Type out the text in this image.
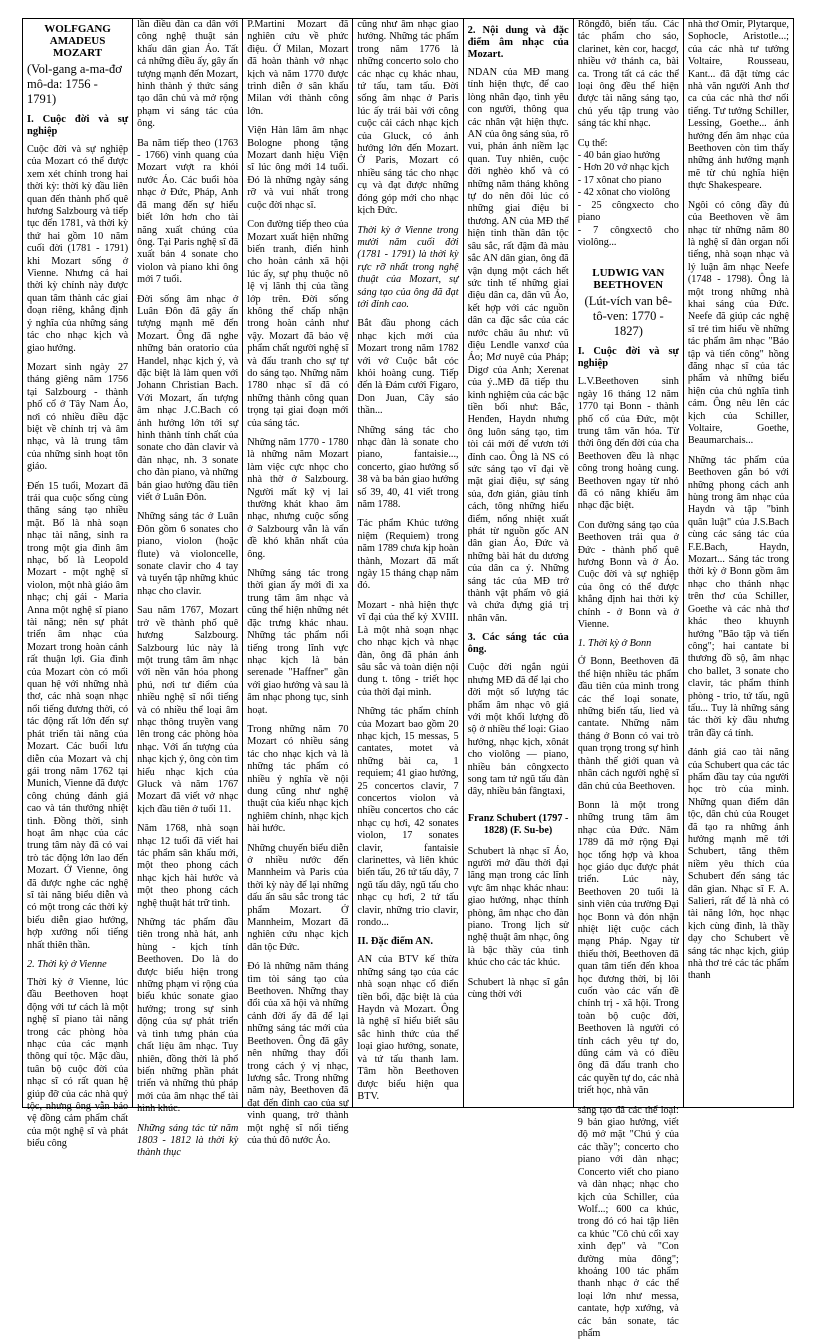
WOLFGANG AMADEUS MOZART
(Vol-gang a-ma-đơ mô-da: 1756 - 1791)
I. Cuộc đời và sự nghiệp

Cuộc đời và sự nghiệp của Mozart có thể được xem xét chính trong hai thời kỳ: thời kỳ đầu liên quan đến thành phố quê hương Salzbourg và tiếp tục đến 1781, và thời kỳ thứ hai gồm 10 năm cuối đời (1781 - 1791) khi Mozart sống ở Vienne. Nhưng cả hai thời kỳ chính này được quan tâm thành các giai đoạn riêng, khẳng định ý nghĩa của những sáng tác cho nhạc kịch và giao hưởng.

Mozart sinh ngày 27 tháng giêng năm 1756 tại Salzbourg - thành phố cổ ở Tây Nam Áo, nơi có nhiều điều đặc biệt về chính trị và âm nhạc, và là trung tâm của những sinh hoạt tôn giáo.

Đến 15 tuổi, Mozart đã trải qua cuộc sống cùng thăng sáng tạo nhiều mặt. Bố là nhà soạn nhạc tài năng, sinh ra trong một gia đình âm nhạc, bố là Leopold Mozart - một nghệ sĩ violon, một nhà giáo âm nhạc; chị gái - Maria Anna một nghệ sĩ piano tài năng; nên sự phát triển âm nhạc của Mozart trong hoàn cảnh rất thuận lợi. Gia đình của Mozart còn có mối quan hệ với những nhà thơ, các nhà soạn nhạc nổi tiếng đương thời, có tác động rất lớn đến sự phát triển tài năng của Mozart. Các buổi lưu diễn của Mozart và chị gái trong năm 1762 tại Munich, Vienne đã được công chúng đánh giá cao và tán thưởng nhiệt tình. Đồng thời, sinh hoạt âm nhạc của các trung tâm này đã có vai trò tác động lớn lao đến Mozart. Ở Vienne, ông đã được nghe các nghệ sĩ tài năng biểu diễn và có một trong các thời kỳ biểu diễn giao hưởng, hợp xướng nổi tiếng nhất thiên thần.

2. Thời kỳ ở Vienne

Thời kỳ ở Vienne, lúc đầu Beethoven hoạt động với tư cách là một nghệ sĩ piano tài năng trong các phòng hòa nhạc của các mạnh thông quí tộc. Mặc dầu, tuân bộ cuộc đời của nhạc sĩ có rất quan hệ giúp đỡ của các nhà quý tộc, nhưng ông vẫn bảo vệ đồng cảm phẩm chất của một nghệ sĩ và phát biểu công

lần điều đàn ca dân với công nghệ thuật sản khấu dân gian Áo. Tất cả những điều ấy, gây ấn tượng mạnh đến Mozart, hình thành ý thức sáng tạo dân chủ và mở rộng phạm vi sáng tác của ông.

Ba năm tiếp theo (1763 - 1766) vinh quang của Mozart vượt ra khỏi nước Áo. Các buổi hòa nhạc ở Đức, Pháp, Anh đã mang đến sự hiểu biết lớn hơn cho tài năng xuất chúng của ông. Tại Paris nghệ sĩ đã xuất bản 4 sonate cho violon và piano khi ông mới 7 tuổi.

Đời sống âm nhạc ở Luân Đôn đã gây ấn tượng mạnh mẽ đến Mozart. Ông đã nghe những bản oratorio của Handel, nhạc kịch ý, và đặc biệt là làm quen với Johann Christian Bach. Với Mozart, ấn tượng âm nhạc J.C.Bach có ảnh hưởng lớn tới sự hình thành tính chất của sonate cho đàn clavir và đàn nhạc, nh. 3 sonate cho đàn piano, và những bản giao hưởng đầu tiên viết ở Luân Đôn.

Những sáng tác ở Luân Đôn gồm 6 sonates cho piano, violon (hoặc flute) và violoncelle, sonate clavir cho 4 tay và tuyển tập những khúc nhạc cho clavir.

Sau năm 1767, Mozart trở về thành phố quê hương Salzbourg. Salzbourg lúc này là một trung tâm âm nhạc với nền văn hóa phong phú, nơi tư điểm của nhiều nghệ sĩ nổi tiếng và có nhiều thể loại âm nhạc thông truyền vang lên trong các phòng hòa nhạc. Với ấn tượng của nhạc kịch ý, ông còn tìm hiểu nhạc kịch của Gluck và năm 1767 Mozart đã viết vở nhạc kịch đầu tiên ở tuổi 11.

Năm 1768, nhà soạn nhạc 12 tuổi đã viết hai tác phẩm sân khấu mới, một theo phong cách nhạc kịch hài hước và một theo phong cách nghệ thuật hát trữ tình.

Những tác phẩm đầu tiên trong nhà hát, anh hùng - kịch tính Beethoven. Do là do được biểu hiện trong những phạm vi rộng của biểu khúc sonate giao hưởng; trong sự sinh động của sự phát triển và tình tưng phản của chất liệu âm nhạc. Tuy nhiên, đồng thời là phổ biến những phần phát triển và những thủ pháp mới của âm nhạc thể tài hình khúc.

Những sáng tác từ năm 1803 - 1812 là thời kỳ thành thục

P.Martini Mozart đã nghiên cứu về phức điệu. Ở Milan, Mozart đã hoàn thành vở nhạc kịch và năm 1770 được trình diễn ở sân khấu Milan với thành công lớn.

Viện Hàn lâm âm nhạc Bologne phong tặng Mozart danh hiệu Viện sĩ lúc ông mới 14 tuổi. Đó là những ngày sáng rỡ và vui nhất trong cuộc đời nhạc sĩ.

Con đường tiếp theo của Mozart xuất hiện những biến tranh, điển hình cho hoàn cảnh xã hội lúc ấy, sự phụ thuộc nô lệ vị lãnh thị của tầng lớp trên. Đời sống không thể chấp nhận trong hoàn cảnh như vậy. Mozart đã bảo vệ phẩm chất người nghệ sĩ và đấu tranh cho sự tự do sáng tạo. Những năm 1780 nhạc sĩ đã có những thành công quan trọng tại giai đoạn mới của sáng tác.

Những năm 1770 - 1780 là những năm Mozart làm việc cực nhọc cho nhà thờ ở Salzbourg. Người mất kỹ vị lai thường khát khao âm nhạc, nhưng cuộc sống ở Salzbourg vẫn là vấn đề khó khăn nhất của ông.

Những sáng tác trong thời gian ấy mới đi xa trung tâm âm nhạc và cũng thể hiện những nét đặc trưng khác nhau. Những tác phẩm nổi tiếng trong lĩnh vực nhạc kịch là bản serenade "Haffner" gần với giao hưởng và sau là âm nhạc phong tục, sinh hoạt.

Trong những năm 70 Mozart có nhiều sáng tác cho nhạc kịch và là những tác phẩm có nhiều ý nghĩa về nội dung cũng như nghệ thuật của kiểu nhạc kịch nghiêm chỉnh, nhạc kịch hài hước.

Những chuyến biểu diễn ở nhiều nước đến Mannheim và Paris của thời kỳ này để lại những dấu ấn sâu sắc trong tác phẩm Mozart. Ở Mannheim, Mozart đã nghiên cứu nhạc kịch dân tộc Đức.

Đó là những năm tháng tìm tòi sáng tạo của Beethoven. Những thay đổi của xã hội và những cảnh đời ấy đã để lại những sáng tác mới của Beethoven. Ông đã gây nên những thay đổi trong cách ý vị nhạc, lương sắc. Trong những năm này, Beethoven đã đạt đến đỉnh cao của sự vinh quang, trở thành một nghệ sĩ nổi tiếng của thủ đô nước Áo.

cũng như âm nhạc giao hưởng. Những tác phẩm trong năm 1776 là những concerto solo cho các nhạc cụ khác nhau, tứ tấu, tam tấu. Đời sống âm nhạc ở Paris lúc ấy trái bài với công cuộc cải cách nhạc kịch của Gluck, có ảnh hưởng lớn đến Mozart. Ở Paris, Mozart có nhiều sáng tác cho nhạc cụ và đạt được những đóng góp mới cho nhạc kịch Đức.

Thời kỳ ở Vienne trong mười năm cuối đời (1781 - 1791) là thời kỳ rực rỡ nhất trong nghệ thuật của Mozart, sự sáng tạo của ông đã đạt tới đỉnh cao.

Bắt đầu phong cách nhạc kịch mới của Mozart trong năm 1782 với vở Cuộc bắt cóc khỏi hoàng cung. Tiếp đến là Đám cưới Figaro, Don Juan, Cây sáo thần...

Những sáng tác cho nhạc đàn là sonate cho piano, fantaisie..., concerto, giao hưởng số 38 và ba bản giao hưởng số 39, 40, 41 viết trong năm 1788.

Tác phẩm Khúc tưởng niệm (Requiem) trong năm 1789 chưa kịp hoàn thành, Mozart đã mất ngày 15 tháng chạp năm đó.

Mozart - nhà hiện thực vĩ đại của thế kỷ XVIII. Là một nhà soạn nhạc cho nhạc kịch và nhạc đàn, ông đã phản ánh sâu sắc và toàn diện nội dung t. tông - triết học của thời đại mình.

Những tác phẩm chính của Mozart bao gồm 20 nhạc kịch, 15 messas, 5 cantates, motet và những bài ca, 1 requiem; 41 giao hưởng, 25 concertos clavir, 7 concertos violon và nhiều concertos cho các nhạc cụ hơi, 42 sonates violon, 17 sonates clavir, fantaisie clarinettes, và liên khúc biến tấu, 26 tứ tấu dây, 7 ngũ tấu dây, ngũ tấu cho nhạc cụ hơi, 2 tứ tấu clavir, những trio clavir, rondo...

II. Đặc điểm AN.

AN của BTV kế thừa những sáng tạo của các nhà soạn nhạc cổ điển tiền bối, đặc biệt là của Haydn và Mozart. Ông là nghệ sĩ hiểu biết sâu sắc hình thức của thể loại giao hưởng, sonate, và tứ tấu thanh lam. Tâm hồn Beethoven được biểu hiện qua BTV.

2. Nội dung và đặc điểm âm nhạc của Mozart.

NDAN của MĐ mang tính hiện thực, để cao lòng nhân đạo, tình yêu con người, thông qua các nhân vật hiện thực. AN của ông sáng sủa, rõ vui, phản ánh niềm lạc quan. Tuy nhiên, cuộc đời nghèo khổ và có những năm tháng không tự do nên đôi lúc có những giai điệu bi thương. AN của MĐ thể hiện tinh thần dân tộc sâu sắc, rất đậm đà màu sắc AN dân gian, ông đã vận dụng một cách hết sức tinh tế những giai điệu dân ca, dân vũ Áo, kết hợp với các nguồn dân ca đặc sắc của các nước châu âu như: vũ điệu Lendle vanxơ của Áo; Mơ nuyê của Pháp; Digơ của Anh; Xerenat của ý..MĐ đã tiếp thu kinh nghiệm của các bậc tiền bối như: Bắc, Henđen, Haydn nhưng ông luôn sáng tạo, tìm tòi cái mới để vươn tới đỉnh cao. Ông là NS có sức sáng tạo vĩ đại về mặt giai điệu, sự sáng sủa, đơn giản, giàu tính cách, tông những hiểu điểm, nổng nhiệt xuất phát từ nguồn gốc AN dân gian Áo, Đức và những bài hát du dương của dân ca ý. Những sáng tác của MĐ trở thành vật phẩm vô giá và chứa đựng giá trị nhân văn.

3. Các sáng tác của ông.

Cuộc đời ngắn ngủi nhưng MĐ đã để lại cho đời một số lượng tác phẩm âm nhạc vô giá với một khối lượng đồ sộ ở nhiều thể loại: Giao hưởng, nhạc kịch, xônát cho violông — piano, nhiều bản côngxecto song tam tứ ngũ tấu đàn dây, nhiều bản fângtaxi,

Franz Schubert (1797 - 1828) (F. Su-be)

Schubert là nhạc sĩ Áo, người mở đầu thời đại lãng mạn trong các lĩnh vực âm nhạc khác nhau: giao hưởng, nhạc thính phòng, âm nhạc cho đàn piano. Trong lịch sử nghệ thuật âm nhạc, ông là bậc thầy của tình khúc cho các tác khúc.

Schubert là nhạc sĩ gắn cùng thời với

Rôngđô, biến tấu. Các tác phẩm cho sáo, clarinet, kèn cor, hacgơ, nhiều vở thánh ca, bài ca. Trong tất cả các thể loại ông đều thể hiện được tài năng sáng tạo, chủ yếu tập trung vào sáng tác khí nhạc.

Cụ thể:

- 40 bản giao hưởng

- Hơn 20 vở nhạc kịch

- 17 xônat cho piano

- 42 xônat cho violông

- 25 côngxecto cho piano

- 7 côngxectô cho violông...

LUDWIG VAN BEETHOVEN
(Lút-vích van bê-tô-ven: 1770 - 1827)
I. Cuộc đời và sự nghiệp

L.V.Beethoven sinh ngày 16 tháng 12 năm 1770 tại Bonn - thành phố cổ của Đức, một trung tâm văn hóa. Từ thời ông đến đời của cha Beethoven đều là nhạc công trong hoàng cung. Beethoven ngay từ nhỏ đã có năng khiếu âm nhạc đặc biệt.

Con đường sáng tạo của Beethoven trải qua ở Đức - thành phố quê hương Bonn và ở Áo. Cuộc đời và sự nghiệp của ông có thể được khẳng định hai thời kỳ chính - ở Bonn và ở Vienne.

1. Thời kỳ ở Bonn

Ở Bonn, Beethoven đã thể hiện nhiều tác phẩm đầu tiên của mình trong các thể loại sonate, những biến tấu, lied và cantate. Những năm tháng ở Bonn có vai trò quan trọng trong sự hình thành thế giới quan và nhân cách người nghệ sĩ dân chủ của Beethoven.

Bonn là một trong những trung tâm âm nhạc của Đức. Năm 1789 đã mở rộng Đại học tổng hợp và khoa học giáo dục được phát triển. Lúc này, Beethoven 20 tuổi là sinh viên của trường Đại học Bonn và đón nhận nhiệt liệt cuộc cách mạng Pháp. Ngay từ thiếu thời, Beethoven đã quan tâm tiến đến khoa học đương thời, bị lôi cuốn vào các vấn đề chính trị - xã hội. Trong toàn bộ cuộc đời, Beethoven là người có tính cách yêu tự do, dũng cảm và có điều ông đã đấu tranh cho các quyền tự do, các nhà triết học, nhà văn

sáng tạo đã các thể loại: 9 bản giao hưởng, viết độ mở mặt "Chú ý của các thầy"; concerto cho piano với dàn nhạc; Concerto viết cho piano và dàn nhạc; nhạc cho kịch của Schiller, của Wolf...; 600 ca khúc, trong đó có hai tập liên ca khúc "Cô chủ cối xay xinh đẹp" và "Con đường mùa đông"; khoảng 100 tác phẩm thanh nhạc ở các thể loại lớn như messa, cantate, hợp xướng, và các bản sonate, tác phẩm

nhà thơ Omir, Plytarque, Sophocle, Aristotle...; của các nhà tư tưởng Voltaire, Rousseau, Kant... đã đặt từng các nhà văn người Anh thơ ca của các nhà thơ nổi tiếng. Tư tưởng Schiller, Lessing, Goethe... ảnh hưởng đến âm nhạc của Beethoven còn tìm thấy những ảnh hưởng mạnh mẽ từ chủ nghĩa hiện thực Shakespeare.

Ngôi có công đầy đủ của Beethoven về âm nhạc từ những năm 80 là nghệ sĩ đàn organ nổi tiếng, nhà soạn nhạc và lý luận âm nhạc Neefe (1748 - 1798). Ông là một trong những nhà khai sáng của Đức. Neefe đã giúp các nghệ sĩ trẻ tìm hiểu về những tác phẩm âm nhạc "Bảo tập và tiến công" hồng đăng nhạc sĩ của tác phẩm và những biểu hiện của chủ nghĩa tình cảm. Ông nêu lên các kịch của Schiller, Voltaire, Goethe, Beaumarchais...

Những tác phẩm của Beethoven gắn bó với những phong cách anh hùng trong âm nhạc của Haydn và tập "bình quân luật" của J.S.Bach cùng các sáng tác của F.E.Bach, Haydn, Mozart... Sáng tác trong thời kỳ ở Bonn gồm âm nhạc cho thánh nhạc trên thơ của Schiller, Goethe và các nhà thơ khác theo khuynh hướng "Bão tập và tiến công"; hai cantate bi thương đồ sộ, âm nhạc cho ballet, 3 sonate cho clavir, tác phẩm thính phòng - trio, tứ tấu, ngũ tấu... Tuy là những sáng tác thời kỳ đầu nhưng trân đầy cá tính.

đánh giá cao tài năng của Schubert qua các tác phẩm đầu tay của người học trò của mình. Những quan điểm dân tộc, dân chủ của Rouget đã tạo ra những ảnh hưởng mạnh mẽ tới Schubert, tăng thêm niềm yêu thích của Schubert đến sáng tác dân gian. Nhạc sĩ F. A. Salieri, rất để là nhà có tài năng lớn, học nhạc kịch cùng đình, là thầy dạy cho Schubert về sáng tác nhạc kịch, giúp nhà thơ trẻ các tác phẩm thanh
